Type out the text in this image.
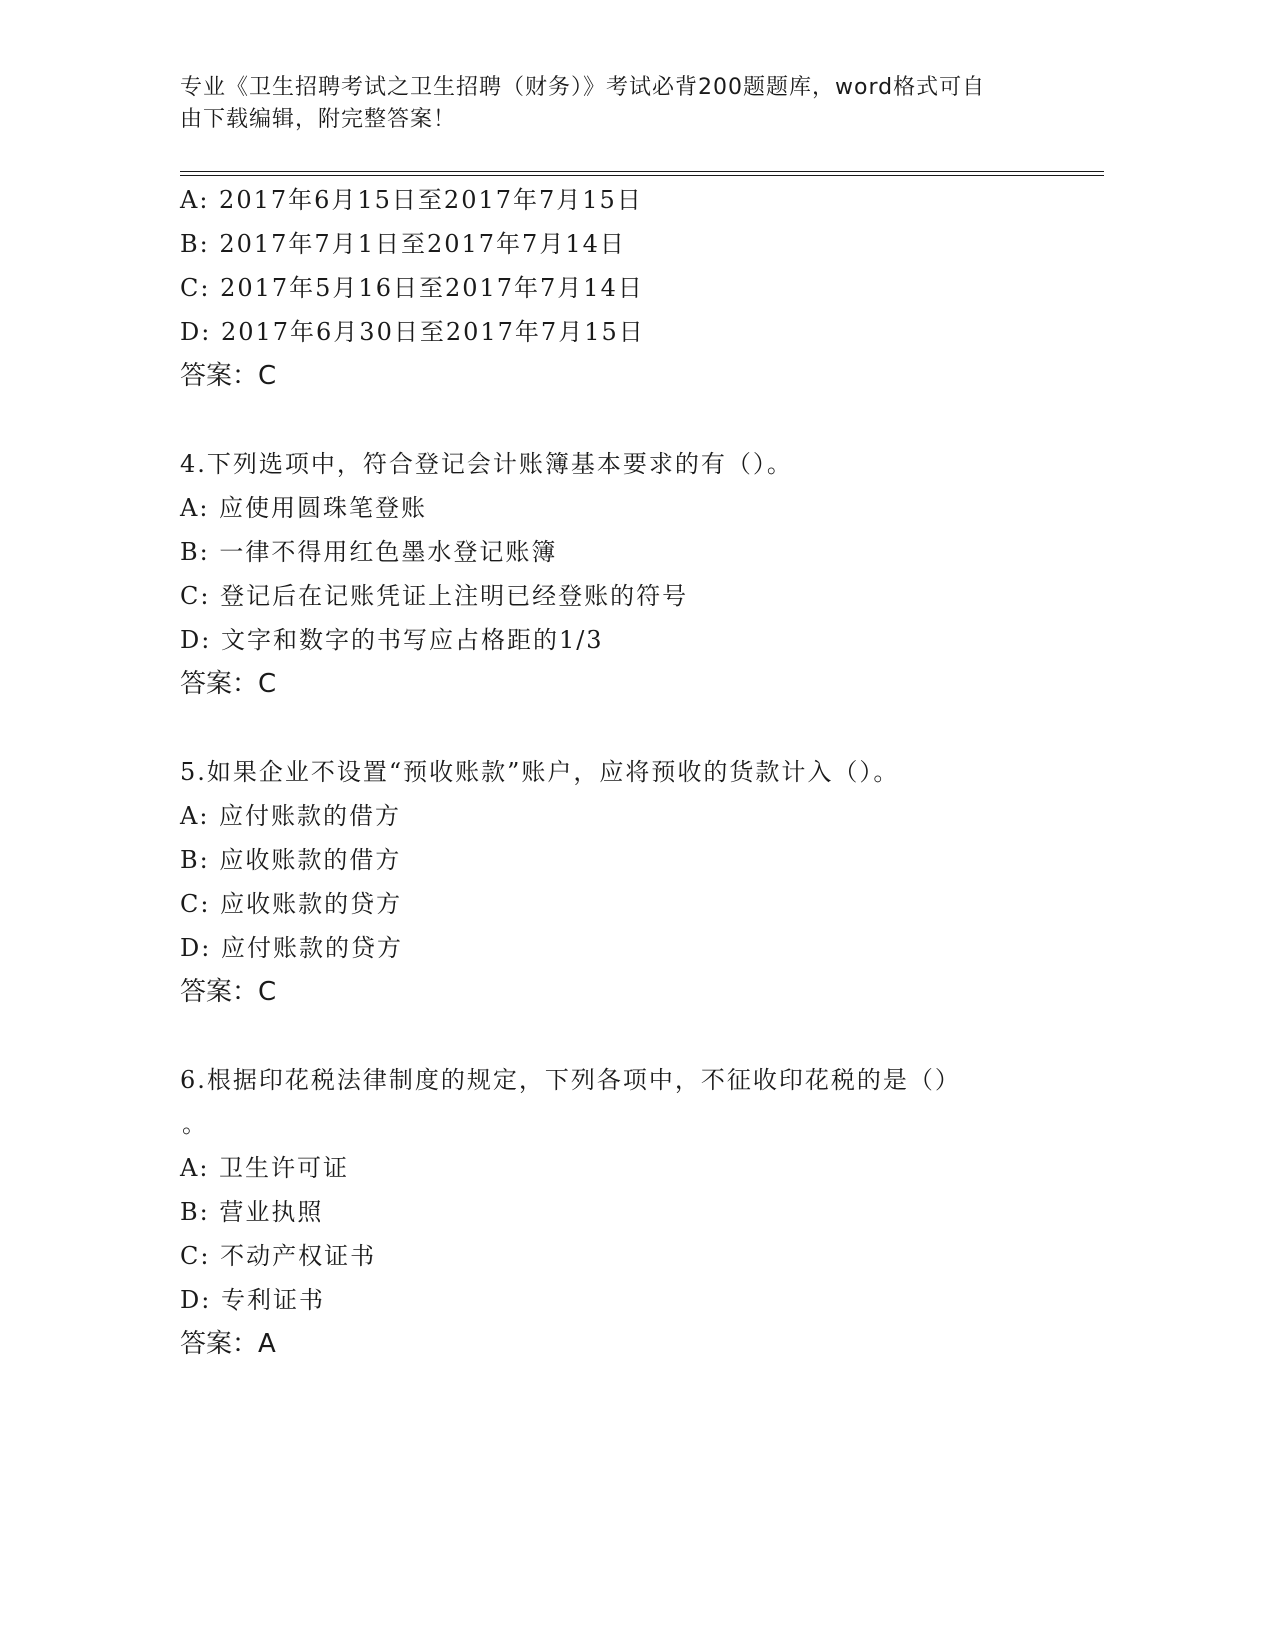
专业《卫生招聘考试之卫生招聘（财务）》考试必背200题题库，word格式可自
由下载编辑，附完整答案！
A: 2017年6月15日至2017年7月15日
B: 2017年7月1日至2017年7月14日
C: 2017年5月16日至2017年7月14日
D: 2017年6月30日至2017年7月15日
答案：C
4.下列选项中，符合登记会计账簿基本要求的有（）。
A: 应使用圆珠笔登账
B: 一律不得用红色墨水登记账簿
C: 登记后在记账凭证上注明已经登账的符号
D: 文字和数字的书写应占格距的1/3
答案：C
5.如果企业不设置“预收账款”账户，应将预收的货款计入（）。
A: 应付账款的借方
B: 应收账款的借方
C: 应收账款的贷方
D: 应付账款的贷方
答案：C
6.根据印花税法律制度的规定，下列各项中，不征收印花税的是（）
。
A: 卫生许可证
B: 营业执照
C: 不动产权证书
D: 专利证书
答案：A
